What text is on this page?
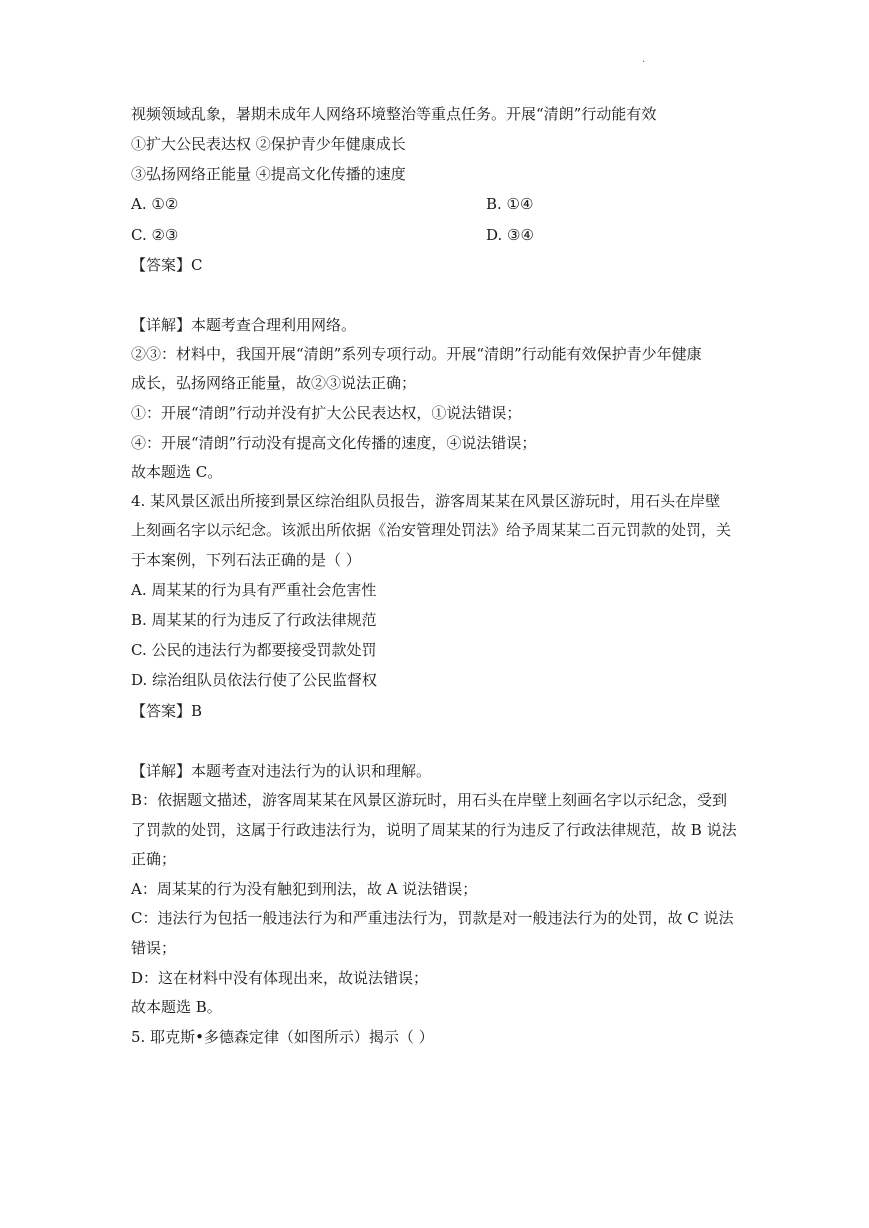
.
视频领域乱象，暑期未成年人网络环境整治等重点任务。开展“清朗”行动能有效
①扩大公民表达权 ②保护青少年健康成长
③弘扬网络正能量 ④提高文化传播的速度
A. ①②	B. ①④
C. ②③	D. ③④
【答案】C
【详解】本题考查合理利用网络。
②③：材料中，我国开展“清朗”系列专项行动。开展“清朗”行动能有效保护青少年健康
成长，弘扬网络正能量，故②③说法正确；
①：开展“清朗”行动并没有扩大公民表达权，①说法错误；
④：开展“清朗”行动没有提高文化传播的速度，④说法错误；
故本题选 C。
4. 某风景区派出所接到景区综治组队员报告，游客周某某在风景区游玩时，用石头在岸壁
上刻画名字以示纪念。该派出所依据《治安管理处罚法》给予周某某二百元罚款的处罚，关
于本案例，下列石法正确的是（ ）
A. 周某某的行为具有严重社会危害性
B. 周某某的行为违反了行政法律规范
C. 公民的违法行为都要接受罚款处罚
D. 综治组队员依法行使了公民监督权
【答案】B
【详解】本题考查对违法行为的认识和理解。
B：依据题文描述，游客周某某在风景区游玩时，用石头在岸壁上刻画名字以示纪念，受到
了罚款的处罚，这属于行政违法行为，说明了周某某的行为违反了行政法律规范，故 B 说法
正确；
A：周某某的行为没有触犯到刑法，故 A 说法错误；
C：违法行为包括一般违法行为和严重违法行为，罚款是对一般违法行为的处罚，故 C 说法
错误；
D：这在材料中没有体现出来，故说法错误；
故本题选 B。
5. 耶克斯•多德森定律（如图所示）揭示（ ）
